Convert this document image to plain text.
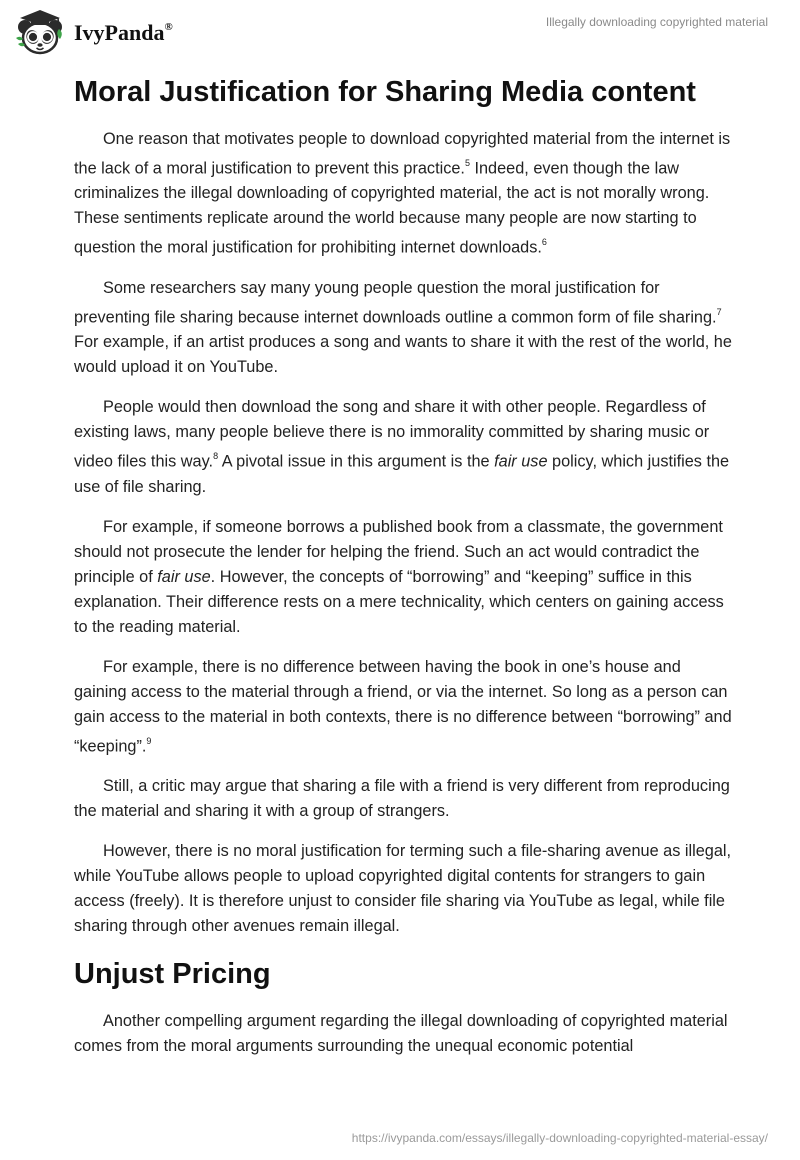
IvyPanda®	Illegally downloading copyrighted material
Moral Justification for Sharing Media content

One reason that motivates people to download copyrighted material from the internet is the lack of a moral justification to prevent this practice.$^5$ Indeed, even though the law criminalizes the illegal downloading of copyrighted material, the act is not morally wrong. These sentiments replicate around the world because many people are now starting to question the moral justification for prohibiting internet downloads.$^6$

Some researchers say many young people question the moral justification for preventing file sharing because internet downloads outline a common form of file sharing.$^7$ For example, if an artist produces a song and wants to share it with the rest of the world, he would upload it on YouTube.

People would then download the song and share it with other people. Regardless of existing laws, many people believe there is no immorality committed by sharing music or video files this way.$^8$ A pivotal issue in this argument is the fair use policy, which justifies the use of file sharing.

For example, if someone borrows a published book from a classmate, the government should not prosecute the lender for helping the friend. Such an act would contradict the principle of fair use. However, the concepts of “borrowing” and “keeping” suffice in this explanation. Their difference rests on a mere technicality, which centers on gaining access to the reading material.

For example, there is no difference between having the book in one’s house and gaining access to the material through a friend, or via the internet. So long as a person can gain access to the material in both contexts, there is no difference between “borrowing” and “keeping”.$^9$

Still, a critic may argue that sharing a file with a friend is very different from reproducing the material and sharing it with a group of strangers.

However, there is no moral justification for terming such a file-sharing avenue as illegal, while YouTube allows people to upload copyrighted digital contents for strangers to gain access (freely). It is therefore unjust to consider file sharing via YouTube as legal, while file sharing through other avenues remain illegal.

Unjust Pricing

Another compelling argument regarding the illegal downloading of copyrighted material comes from the moral arguments surrounding the unequal economic potential

https://ivypanda.com/essays/illegally-downloading-copyrighted-material-essay/
